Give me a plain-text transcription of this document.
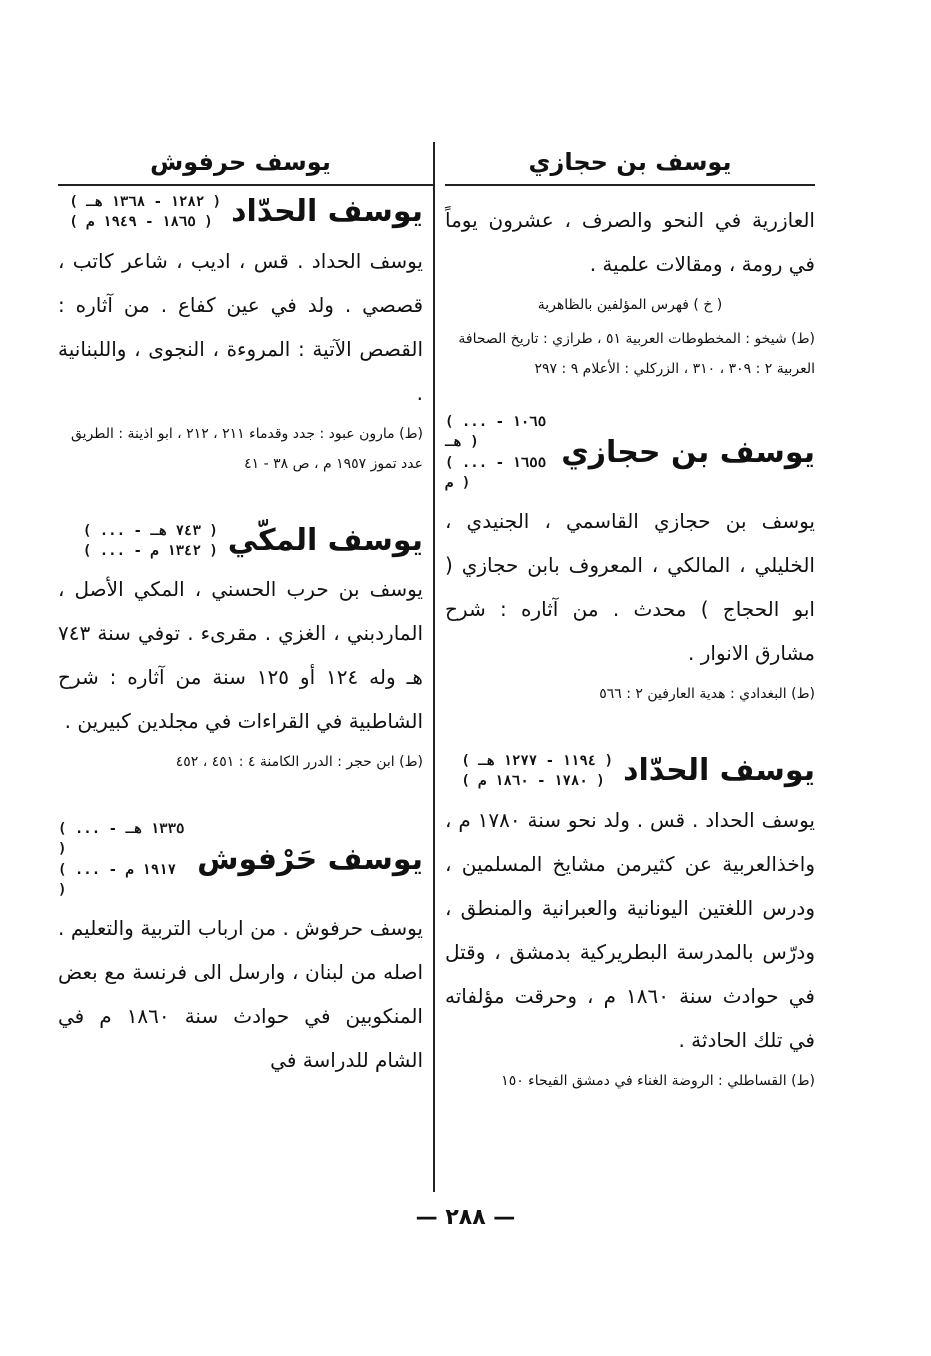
يوسف بن حجازي
يوسف حرفوش

العازرية في النحو والصرف ، عشرون يوماً في رومة ، ومقالات علمية .

( خ ) فهرس المؤلفين بالظاهرية

(ط) شيخو : المخطوطات العربية ٥١ ، طرازي : تاريخ الصحافة العربية ٢ : ٣٠٩ ، ٣١٠ ، الزركلي : الأعلام ٩ : ٢٩٧

يوسف بن حجازي
( ... - ١٠٦٥ هـ )
( ... - ١٦٥٥ م )

يوسف بن حجازي القاسمي ، الجنيدي ، الخليلي ، المالكي ، المعروف بابن حجازي ( ابو الحجاج ) محدث . من آثاره : شرح مشارق الانوار .

(ط) البغدادي : هدية العارفين ٢ : ٥٦٦

يوسف الحدّاد
( ١١٩٤ - ١٢٧٧ هـ )
( ١٧٨٠ - ١٨٦٠ م )

يوسف الحداد . قس . ولد نحو سنة ١٧٨٠ م ، واخذالعربية عن كثيرمن مشايخ المسلمين ، ودرس اللغتين اليونانية والعبرانية والمنطق ، ودرّس بالمدرسة البطريركية بدمشق ، وقتل في حوادث سنة ١٨٦٠ م ، وحرقت مؤلفاته في تلك الحادثة .

(ط) القساطلي : الروضة الغناء في دمشق الفيحاء ١٥٠

يوسف الحدّاد
( ١٢٨٢ - ١٣٦٨ هـ )
( ١٨٦٥ - ١٩٤٩ م )

يوسف الحداد . قس ، اديب ، شاعر كاتب ، قصصي . ولد في عين كفاع . من آثاره : القصص الآتية : المروءة ، النجوى ، واللبنانية .

(ط) مارون عبود : جدد وقدماء ٢١١ ، ٢١٢ ، ابو اذينة : الطريق عدد تموز ١٩٥٧ م ، ص ٣٨ - ٤١

يوسف المكّي
( ... - ٧٤٣ هـ )
( ... - ١٣٤٢ م )

يوسف بن حرب الحسني ، المكي الأصل ، الماردبني ، الغزي . مقرىء . توفي سنة ٧٤٣ هـ وله ١٢٤ أو ١٢٥ سنة من آثاره : شرح الشاطبية في القراءات في مجلدين كبيرين .

(ط) ابن حجر : الدرر الكامنة ٤ : ٤٥١ ، ٤٥٢

يوسف حَرْفوش
( ... - ١٣٣٥ هـ )
( ... - ١٩١٧ م )

يوسف حرفوش . من ارباب التربية والتعليم . اصله من لبنان ، وارسل الى فرنسة مع بعض المنكوبين في حوادث سنة ١٨٦٠ م في الشام للدراسة في

— ٢٨٨ —
